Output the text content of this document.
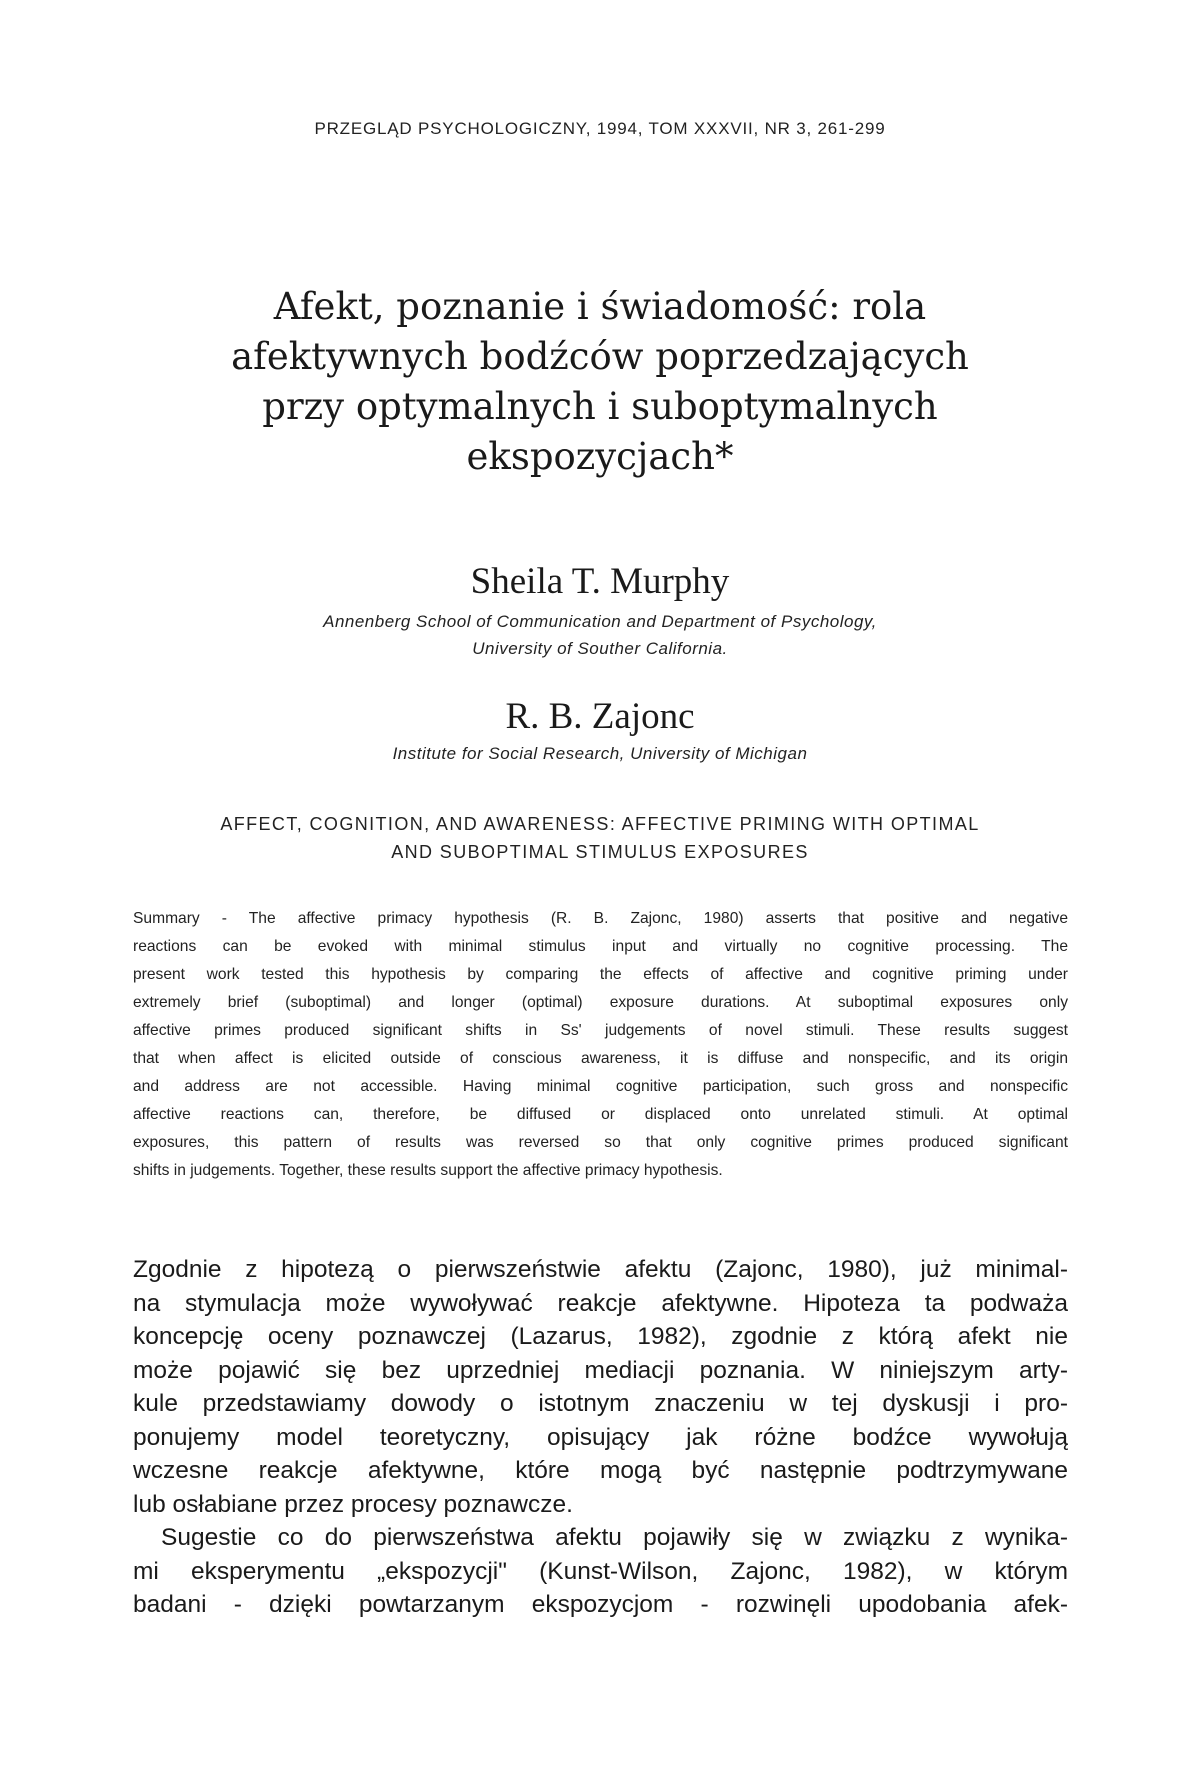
PRZEGLĄD PSYCHOLOGICZNY, 1994, TOM XXXVII, NR 3, 261-299
Afekt, poznanie i świadomość: rola
afektywnych bodźców poprzedzających
przy optymalnych i suboptymalnych
ekspozycjach*
Sheila T. Murphy
Annenberg School of Communication and Department of Psychology,
University of Souther California.
R. B. Zajonc
Institute for Social Research, University of Michigan
AFFECT, COGNITION, AND AWARENESS: AFFECTIVE PRIMING WITH OPTIMAL
AND SUBOPTIMAL STIMULUS EXPOSURES
Summary - The affective primacy hypothesis (R. B. Zajonc, 1980) asserts that positive and negative
reactions can be evoked with minimal stimulus input and virtually no cognitive processing. The
present work tested this hypothesis by comparing the effects of affective and cognitive priming under
extremely brief (suboptimal) and longer (optimal) exposure durations. At suboptimal exposures only
affective primes produced significant shifts in Ss' judgements of novel stimuli. These results suggest
that when affect is elicited outside of conscious awareness, it is diffuse and nonspecific, and its origin
and address are not accessible. Having minimal cognitive participation, such gross and nonspecific
affective reactions can, therefore, be diffused or displaced onto unrelated stimuli. At optimal
exposures, this pattern of results was reversed so that only cognitive primes produced significant
shifts in judgements. Together, these results support the affective primacy hypothesis.
Zgodnie z hipotezą o pierwszeństwie afektu (Zajonc, 1980), już minimal-
na stymulacja może wywoływać reakcje afektywne. Hipoteza ta podważa
koncepcję oceny poznawczej (Lazarus, 1982), zgodnie z którą afekt nie
może pojawić się bez uprzedniej mediacji poznania. W niniejszym arty-
kule przedstawiamy dowody o istotnym znaczeniu w tej dyskusji i pro-
ponujemy model teoretyczny, opisujący jak różne bodźce wywołują
wczesne reakcje afektywne, które mogą być następnie podtrzymywane
lub osłabiane przez procesy poznawcze.
Sugestie co do pierwszeństwa afektu pojawiły się w związku z wynika-
mi eksperymentu „ekspozycji" (Kunst-Wilson, Zajonc, 1982), w którym
badani - dzięki powtarzanym ekspozycjom - rozwinęli upodobania afek-
